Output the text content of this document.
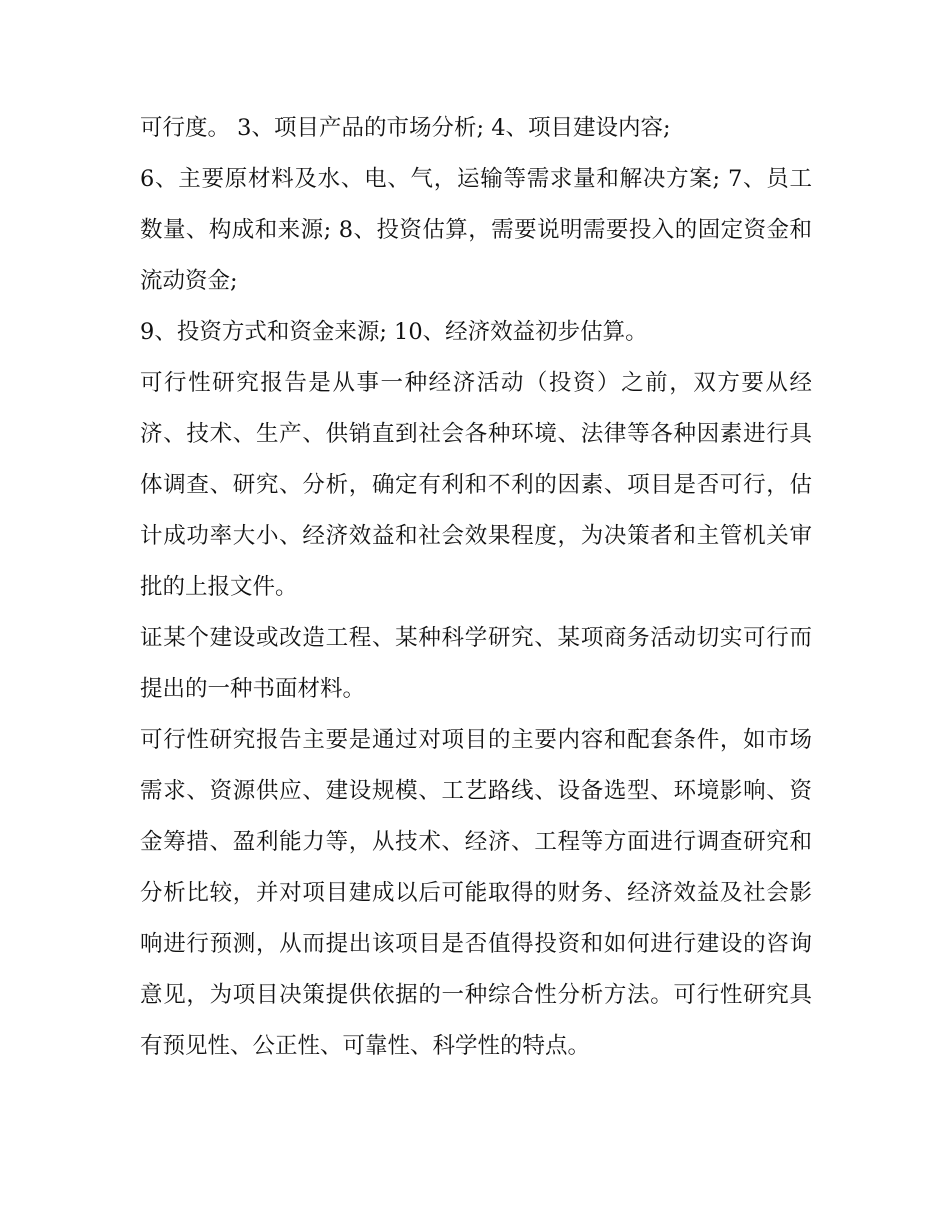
可行度。 3、项目产品的市场分析; 4、项目建设内容;

6、主要原材料及水、电、气，运输等需求量和解决方案; 7、员工数量、构成和来源; 8、投资估算，需要说明需要投入的固定资金和流动资金;

9、投资方式和资金来源; 10、经济效益初步估算。

可行性研究报告是从事一种经济活动（投资）之前，双方要从经济、技术、生产、供销直到社会各种环境、法律等各种因素进行具体调查、研究、分析，确定有利和不利的因素、项目是否可行，估计成功率大小、经济效益和社会效果程度，为决策者和主管机关审批的上报文件。

证某个建设或改造工程、某种科学研究、某项商务活动切实可行而提出的一种书面材料。

可行性研究报告主要是通过对项目的主要内容和配套条件，如市场需求、资源供应、建设规模、工艺路线、设备选型、环境影响、资金筹措、盈利能力等，从技术、经济、工程等方面进行调查研究和分析比较，并对项目建成以后可能取得的财务、经济效益及社会影响进行预测，从而提出该项目是否值得投资和如何进行建设的咨询意见，为项目决策提供依据的一种综合性分析方法。可行性研究具有预见性、公正性、可靠性、科学性的特点。
